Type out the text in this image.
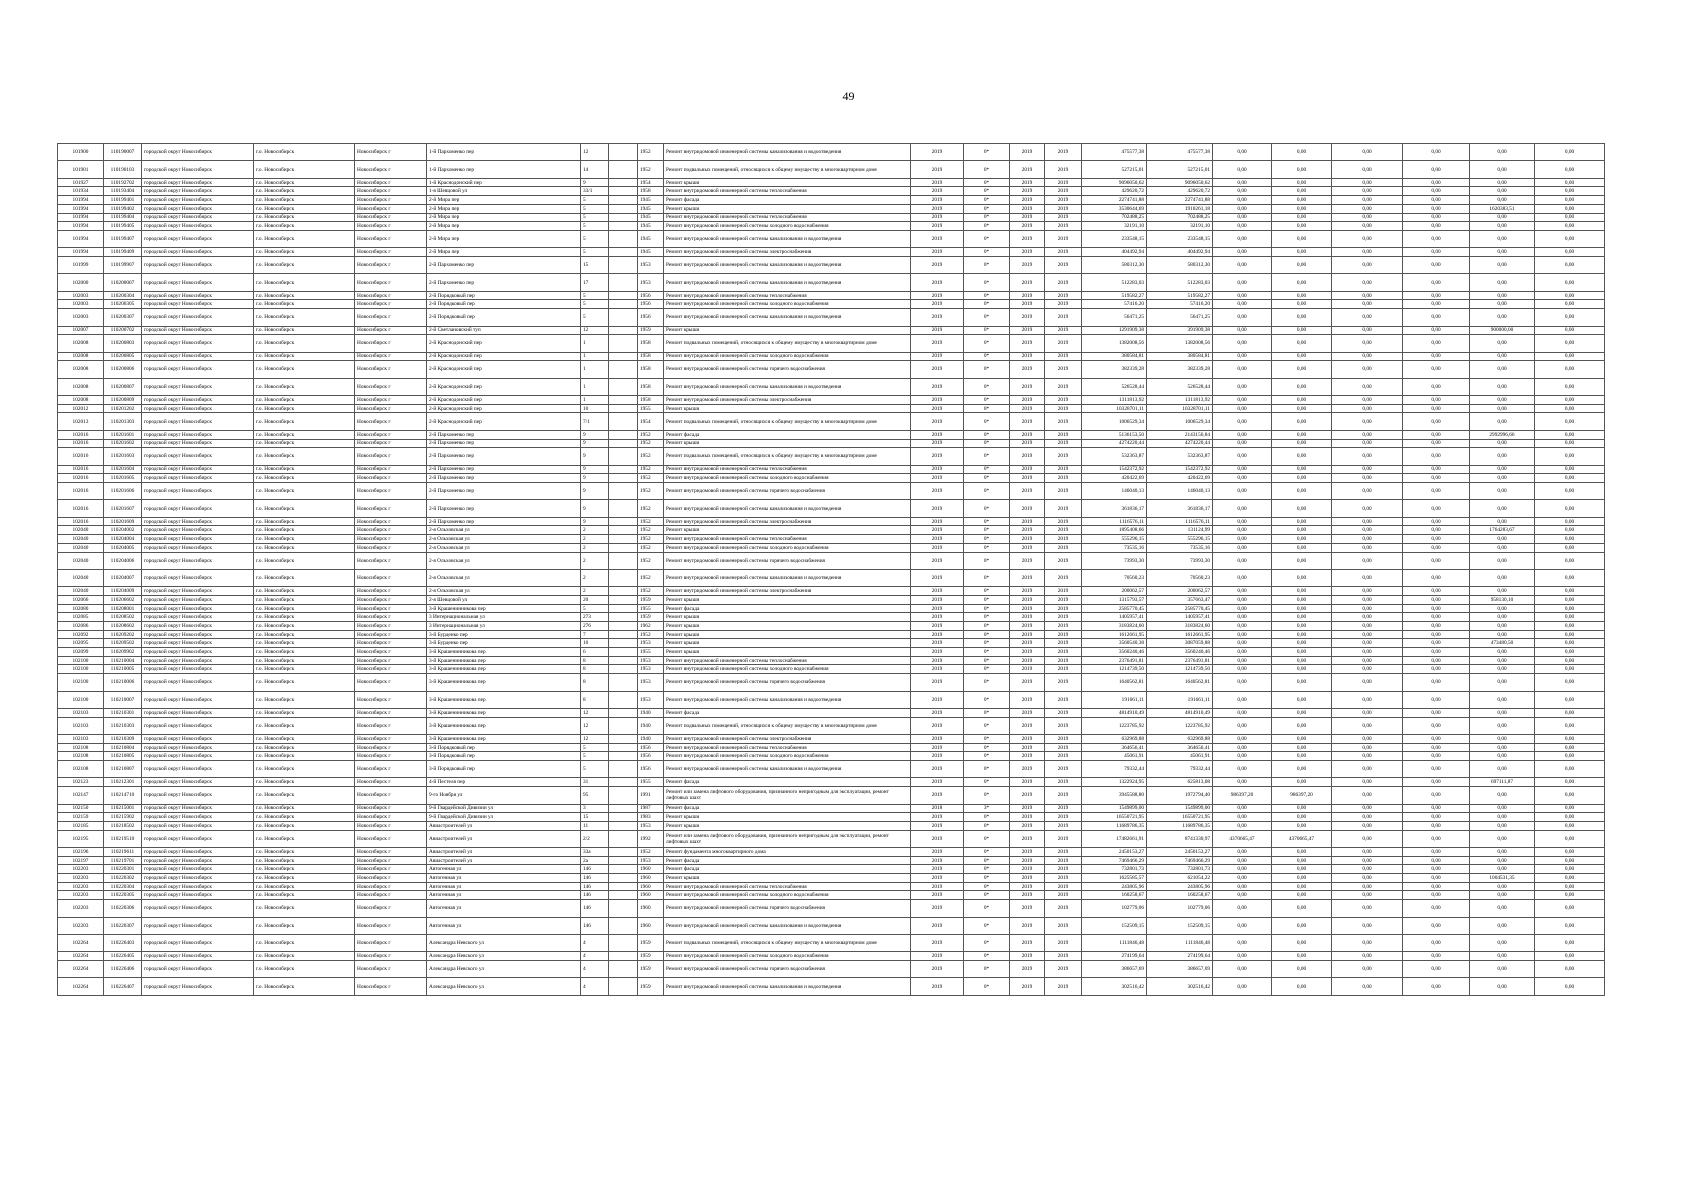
49
101900	110190007	городской округ Новосибирск	г.о. Новосибирск	Новосибирск г	1-й Пархоменко пер	12		1952	Ремонт внутридомовой инженерной системы канализования и водоотведения	2019	0*	2019	2019	475577,38	475577,38	0,00	0,00	0,00	0,00	0,00	0,00
101901	110190103	городской округ Новосибирск	г.о. Новосибирск	Новосибирск г	1-й Пархоменко пер	14		1952	Ремонт подвальных помещений, относящихся к общему имуществу в многоквартирном доме	2019	0*	2019	2019	527215,01	527215,01	0,00	0,00	0,00	0,00	0,00	0,00
101927	110192702	городской округ Новосибирск	г.о. Новосибирск	Новосибирск г	1-й Краснодонский пер	9		1954	Ремонт крыши	2019	0*	2019	2019	9096050,62	9096050,62	0,00	0,00	0,00	0,00	0,00	0,00
101934	110193404	городской округ Новосибирск	г.о. Новосибирск	Новосибирск г	1-я Шевцовой ул	33/1		1958	Ремонт внутридомовой инженерной системы теплоснабжения	2019	0*	2019	2019	429620,72	429620,72	0,00	0,00	0,00	0,00	0,00	0,00
101994	110199401	городской округ Новосибирск	г.о. Новосибирск	Новосибирск г	2-й Мира пер	5		1945	Ремонт фасада	2019	0*	2019	2019	2274741,88	2274741,88	0,00	0,00	0,00	0,00	0,00	0,00
101994	110199402	городской округ Новосибирск	г.о. Новосибирск	Новосибирск г	2-й Мира пер	5		1945	Ремонт крыши	2019	0*	2019	2019	3530644,69	1910261,18	0,00	0,00	0,00	0,00	1620383,51	0,00
101994	110199404	городской округ Новосибирск	г.о. Новосибирск	Новосибирск г	2-й Мира пер	5		1945	Ремонт внутридомовой инженерной системы теплоснабжения	2019	0*	2019	2019	702488,25	702488,25	0,00	0,00	0,00	0,00	0,00	0,00
101994	110199405	городской округ Новосибирск	г.о. Новосибирск	Новосибирск г	2-й Мира пер	5		1945	Ремонт внутридомовой инженерной системы холодного водоснабжения	2019	0*	2019	2019	32191,10	32191,10	0,00	0,00	0,00	0,00	0,00	0,00
101994	110199407	городской округ Новосибирск	г.о. Новосибирск	Новосибирск г	2-й Мира пер	5		1945	Ремонт внутридомовой инженерной системы канализования и водоотведения	2019	0*	2019	2019	233548,15	233548,15	0,00	0,00	0,00	0,00	0,00	0,00
101994	110199409	городской округ Новосибирск	г.о. Новосибирск	Новосибирск г	2-й Мира пер	5		1945	Ремонт внутридомовой инженерной системы электроснабжения	2019	0*	2019	2019	404492,94	404492,94	0,00	0,00	0,00	0,00	0,00	0,00
101999	110199907	городской округ Новосибирск	г.о. Новосибирск	Новосибирск г	2-й Пархоменко пер	15		1953	Ремонт внутридомовой инженерной системы канализования и водоотведения	2019	0*	2019	2019	580312,30	580312,30	0,00	0,00	0,00	0,00	0,00	0,00
102000	110200007	городской округ Новосибирск	г.о. Новосибирск	Новосибирск г	2-й Пархоменко пер	17		1953	Ремонт внутридомовой инженерной системы канализования и водоотведения	2019	0*	2019	2019	512283,03	512283,03	0,00	0,00	0,00	0,00	0,00	0,00
102003	110200304	городской округ Новосибирск	г.о. Новосибирск	Новосибирск г	2-й Порядковый пер	5		1956	Ремонт внутридомовой инженерной системы теплоснабжения	2019	0*	2019	2019	519582,27	519582,27	0,00	0,00	0,00	0,00	0,00	0,00
102003	110200305	городской округ Новосибирск	г.о. Новосибирск	Новосибирск г	2-й Порядковый пер	5		1956	Ремонт внутридомовой инженерной системы холодного водоснабжения	2019	0*	2019	2019	57416,20	57416,20	0,00	0,00	0,00	0,00	0,00	0,00
102003	110200307	городской округ Новосибирск	г.о. Новосибирск	Новосибирск г	2-й Порядковый пер	5		1956	Ремонт внутридомовой инженерной системы канализования и водоотведения	2019	0*	2019	2019	56471,25	56471,25	0,00	0,00	0,00	0,00	0,00	0,00
102007	110200702	городской округ Новосибирск	г.о. Новосибирск	Новосибирск г	2-й Светлановский туп	12		1959	Ремонт крыши	2019	0*	2019	2019	1291909,38	391909,38	0,00	0,00	0,00	0,00	900000,00	0,00
102008	110200803	городской округ Новосибирск	г.о. Новосибирск	Новосибирск г	2-й Краснодонский пер	1		1958	Ремонт подвальных помещений, относящихся к общему имуществу в многоквартирном доме	2019	0*	2019	2019	1382008,56	1382008,56	0,00	0,00	0,00	0,00	0,00	0,00
102008	110200805	городской округ Новосибирск	г.о. Новосибирск	Новосибирск г	2-й Краснодонский пер	1		1958	Ремонт внутридомовой инженерной системы холодного водоснабжения	2019	0*	2019	2019	380584,81	380584,81	0,00	0,00	0,00	0,00	0,00	0,00
102008	110200806	городской округ Новосибирск	г.о. Новосибирск	Новосибирск г	2-й Краснодонский пер	1		1958	Ремонт внутридомовой инженерной системы горячего водоснабжения	2019	0*	2019	2019	382339,28	382339,28	0,00	0,00	0,00	0,00	0,00	0,00
102008	110200807	городской округ Новосибирск	г.о. Новосибирск	Новосибирск г	2-й Краснодонский пер	1		1958	Ремонт внутридомовой инженерной системы канализования и водоотведения	2019	0*	2019	2019	526528,44	526528,44	0,00	0,00	0,00	0,00	0,00	0,00
102008	110200809	городской округ Новосибирск	г.о. Новосибирск	Новосибирск г	2-й Краснодонский пер	1		1958	Ремонт внутридомовой инженерной системы электроснабжения	2019	0*	2019	2019	1311813,92	1311813,92	0,00	0,00	0,00	0,00	0,00	0,00
102012	110201202	городской округ Новосибирск	г.о. Новосибирск	Новосибирск г	2-й Краснодонский пер	10		1955	Ремонт крыши	2019	0*	2019	2019	10328701,11	10328701,11	0,00	0,00	0,00	0,00	0,00	0,00
102013	110201303	городской округ Новосибирск	г.о. Новосибирск	Новосибирск г	2-й Краснодонский пер	7/1		1954	Ремонт подвальных помещений, относящихся к общему имуществу в многоквартирном доме	2019	0*	2019	2019	1006529,34	1006529,34	0,00	0,00	0,00	0,00	0,00	0,00
102016	110201601	городской округ Новосибирск	г.о. Новосибирск	Новосибирск г	2-й Пархоменко пер	9		1952	Ремонт фасада	2019	0*	2019	2019	5136153,50	2143156,84	0,00	0,00	0,00	0,00	2992996,66	0,00
102016	110201602	городской округ Новосибирск	г.о. Новосибирск	Новосибирск г	2-й Пархоменко пер	9		1952	Ремонт крыши	2019	0*	2019	2019	4274220,44	4274220,44	0,00	0,00	0,00	0,00	0,00	0,00
102016	110201603	городской округ Новосибирск	г.о. Новосибирск	Новосибирск г	2-й Пархоменко пер	9		1952	Ремонт подвальных помещений, относящихся к общему имуществу в многоквартирном доме	2019	0*	2019	2019	532363,87	532363,87	0,00	0,00	0,00	0,00	0,00	0,00
102016	110201604	городской округ Новосибирск	г.о. Новосибирск	Новосибирск г	2-й Пархоменко пер	9		1952	Ремонт внутридомовой инженерной системы теплоснабжения	2019	0*	2019	2019	1542372,92	1542372,92	0,00	0,00	0,00	0,00	0,00	0,00
102016	110201605	городской округ Новосибирск	г.о. Новосибирск	Новосибирск г	2-й Пархоменко пер	9		1952	Ремонт внутридомовой инженерной системы холодного водоснабжения	2019	0*	2019	2019	420422,69	420422,69	0,00	0,00	0,00	0,00	0,00	0,00
102016	110201606	городской округ Новосибирск	г.о. Новосибирск	Новосибирск г	2-й Пархоменко пер	9		1952	Ремонт внутридомовой инженерной системы горячего водоснабжения	2019	0*	2019	2019	146040,13	146040,13	0,00	0,00	0,00	0,00	0,00	0,00
102016	110201607	городской округ Новосибирск	г.о. Новосибирск	Новосибирск г	2-й Пархоменко пер	9		1952	Ремонт внутридомовой инженерной системы канализования и водоотведения	2019	0*	2019	2019	361836,17	361836,17	0,00	0,00	0,00	0,00	0,00	0,00
102016	110201609	городской округ Новосибирск	г.о. Новосибирск	Новосибирск г	2-й Пархоменко пер	9		1952	Ремонт внутридомовой инженерной системы электроснабжения	2019	0*	2019	2019	1116576,11	1116576,11	0,00	0,00	0,00	0,00	0,00	0,00
102040	110204002	городской округ Новосибирск	г.о. Новосибирск	Новосибирск г	2-я Ольховская ул	2		1952	Ремонт крыши	2019	0*	2019	2019	1895408,66	131124,99	0,00	0,00	0,00	0,00	1764283,67	0,00
102040	110204004	городской округ Новосибирск	г.о. Новосибирск	Новосибирск г	2-я Ольховская ул	2		1952	Ремонт внутридомовой инженерной системы теплоснабжения	2019	0*	2019	2019	555296,15	555296,15	0,00	0,00	0,00	0,00	0,00	0,00
102040	110204005	городской округ Новосибирск	г.о. Новосибирск	Новосибирск г	2-я Ольховская ул	2		1952	Ремонт внутридомовой инженерной системы холодного водоснабжения	2019	0*	2019	2019	73535,16	73535,16	0,00	0,00	0,00	0,00	0,00	0,00
102040	110204006	городской округ Новосибирск	г.о. Новосибирск	Новосибирск г	2-я Ольховская ул	2		1952	Ремонт внутридомовой инженерной системы горячего водоснабжения	2019	0*	2019	2019	73993,30	73993,30	0,00	0,00	0,00	0,00	0,00	0,00
102040	110204007	городской округ Новосибирск	г.о. Новосибирск	Новосибирск г	2-я Ольховская ул	2		1952	Ремонт внутридомовой инженерной системы канализования и водоотведения	2019	0*	2019	2019	70560,23	70560,23	0,00	0,00	0,00	0,00	0,00	0,00
102040	110204009	городской округ Новосибирск	г.о. Новосибирск	Новосибирск г	2-я Ольховская ул	2		1952	Ремонт внутридомовой инженерной системы электроснабжения	2019	0*	2019	2019	200062,57	200062,57	0,00	0,00	0,00	0,00	0,00	0,00
102066	110206602	городской округ Новосибирск	г.о. Новосибирск	Новосибирск г	2-я Шевцовой ул	20		1959	Ремонт крыши	2019	0*	2019	2019	1315793,57	357663,47	0,00	0,00	0,00	0,00	958130,10	0,00
102080	110208001	городской округ Новосибирск	г.о. Новосибирск	Новосибирск г	3-й Крашенинникова пер	5		1955	Ремонт фасада	2019	0*	2019	2019	2585770,45	2585770,45	0,00	0,00	0,00	0,00	0,00	0,00
102085	110208502	городской округ Новосибирск	г.о. Новосибирск	Новосибирск г	3 Интернациональная ул	273		1959	Ремонт крыши	2019	0*	2019	2019	1405957,41	1405957,41	0,00	0,00	0,00	0,00	0,00	0,00
102086	110208602	городской округ Новосибирск	г.о. Новосибирск	Новосибирск г	3 Интернациональная ул	276		1962	Ремонт крыши	2019	0*	2019	2019	3183824,60	3183824,60	0,00	0,00	0,00	0,00	0,00	0,00
102092	110209202	городской округ Новосибирск	г.о. Новосибирск	Новосибирск г	3-й Бурденко пер	7		1952	Ремонт крыши	2019	0*	2019	2019	1612661,95	1612661,95	0,00	0,00	0,00	0,00	0,00	0,00
102095	110209502	городской округ Новосибирск	г.о. Новосибирск	Новосибирск г	3-й Бурденко пер	10		1953	Ремонт крыши	2019	0*	2019	2019	3560540,38	3087059,88	0,00	0,00	0,00	0,00	473480,50	0,00
102099	110209902	городской округ Новосибирск	г.о. Новосибирск	Новосибирск г	3-й Крашенинникова пер	6		1955	Ремонт крыши	2019	0*	2019	2019	3560240,46	3560240,46	0,00	0,00	0,00	0,00	0,00	0,00
102100	110210004	городской округ Новосибирск	г.о. Новосибирск	Новосибирск г	3-й Крашенинникова пер	8		1953	Ремонт внутридомовой инженерной системы теплоснабжения	2019	0*	2019	2019	2376491,81	2376491,81	0,00	0,00	0,00	0,00	0,00	0,00
102100	110210005	городской округ Новосибирск	г.о. Новосибирск	Новосибирск г	3-й Крашенинникова пер	8		1953	Ремонт внутридомовой инженерной системы холодного водоснабжения	2019	0*	2019	2019	1214739,50	1214739,50	0,00	0,00	0,00	0,00	0,00	0,00
102100	110210006	городской округ Новосибирск	г.о. Новосибирск	Новосибирск г	3-й Крашенинникова пер	8		1953	Ремонт внутридомовой инженерной системы горячего водоснабжения	2019	0*	2019	2019	1640562,81	1640562,81	0,00	0,00	0,00	0,00	0,00	0,00
102100	110210007	городской округ Новосибирск	г.о. Новосибирск	Новосибирск г	3-й Крашенинникова пер	8		1953	Ремонт внутридомовой инженерной системы канализования и водоотведения	2019	0*	2019	2019	191661,11	191661,11	0,00	0,00	0,00	0,00	0,00	0,00
102103	110210301	городской округ Новосибирск	г.о. Новосибирск	Новосибирск г	3-й Крашенинникова пер	12		1940	Ремонт фасада	2019	0*	2019	2019	4814910,49	4814910,49	0,00	0,00	0,00	0,00	0,00	0,00
102103	110210303	городской округ Новосибирск	г.о. Новосибирск	Новосибирск г	3-й Крашенинникова пер	12		1940	Ремонт подвальных помещений, относящихся к общему имуществу в многоквартирном доме	2019	0*	2019	2019	1223785,92	1223785,92	0,00	0,00	0,00	0,00	0,00	0,00
102103	110210309	городской округ Новосибирск	г.о. Новосибирск	Новосибирск г	3-й Крашенинникова пер	12		1940	Ремонт внутридомовой инженерной системы электроснабжения	2019	0*	2019	2019	632969,88	632969,88	0,00	0,00	0,00	0,00	0,00	0,00
102108	110210804	городской округ Новосибирск	г.о. Новосибирск	Новосибирск г	3-й Порядковый пер	5		1956	Ремонт внутридомовой инженерной системы теплоснабжения	2019	0*	2019	2019	364656,41	364656,41	0,00	0,00	0,00	0,00	0,00	0,00
102108	110210805	городской округ Новосибирск	г.о. Новосибирск	Новосибирск г	3-й Порядковый пер	5		1956	Ремонт внутридомовой инженерной системы холодного водоснабжения	2019	0*	2019	2019	45061,91	45061,91	0,00	0,00	0,00	0,00	0,00	0,00
102108	110210807	городской округ Новосибирск	г.о. Новосибирск	Новосибирск г	3-й Порядковый пер	5		1956	Ремонт внутридомовой инженерной системы канализования и водоотведения	2019	0*	2019	2019	79332,44	79332,44	0,00	0,00	0,00	0,00	0,00	0,00
102123	110212301	городской округ Новосибирск	г.о. Новосибирск	Новосибирск г	4-й Пестеля пер	31		1955	Ремонт фасада	2019	0*	2019	2019	1322924,95	625813,08	0,00	0,00	0,00	0,00	697111,87	0,00
102147	110214710	городской округ Новосибирск	г.о. Новосибирск	Новосибирск г	9-го Ноября ул	95		1991	Ремонт или замена лифтового оборудования, признанного непригодным для эксплуатации, ремонт лифтовых шахт	2019	0*	2019	2019	3945588,80	1972794,40	986397,20	986397,20	0,00	0,00	0,00	0,00
102150	110215001	городской округ Новосибирск	г.о. Новосибирск	Новосибирск г	9-й Гвардейской Дивизии ул	3		1987	Ремонт фасада	2018	3*	2019	2019	1549899,00	1549899,00	0,00	0,00	0,00	0,00	0,00	0,00
102159	110215902	городской округ Новосибирск	г.о. Новосибирск	Новосибирск г	9-й Гвардейской Дивизии ул	15		1983	Ремонт крыши	2019	0*	2019	2019	16550721,95	16550721,95	0,00	0,00	0,00	0,00	0,00	0,00
102185	110218502	городской округ Новосибирск	г.о. Новосибирск	Новосибирск г	Авиастроителей ул	11		1953	Ремонт крыши	2019	0*	2019	2019	11689786,35	11689786,35	0,00	0,00	0,00	0,00	0,00	0,00
102195	110219510	городской округ Новосибирск	г.о. Новосибирск	Новосибирск г	Авиастроителей ул	2/2		1992	Ремонт или замена лифтового оборудования, признанного непригодным для эксплуатации, ремонт лифтовых шахт	2019	0*	2019	2019	17482661,91	8741330,97	4370665,47	4370665,47	0,00	0,00	0,00	0,00
102196	110219611	городской округ Новосибирск	г.о. Новосибирск	Новосибирск г	Авиастроителей ул	33а		1952	Ремонт фундамента многоквартирного дома	2019	0*	2019	2019	2450153,27	2450153,27	0,00	0,00	0,00	0,00	0,00	0,00
102197	110219701	городской округ Новосибирск	г.о. Новосибирск	Новосибирск г	Авиастроителей ул	2а		1953	Ремонт фасада	2019	0*	2019	2019	7469466,29	7469466,29	0,00	0,00	0,00	0,00	0,00	0,00
102203	110220301	городской округ Новосибирск	г.о. Новосибирск	Новосибирск г	Автогенная ул	146		1960	Ремонт фасада	2019	0*	2019	2019	732801,73	732801,73	0,00	0,00	0,00	0,00	0,00	0,00
102203	110220302	городской округ Новосибирск	г.о. Новосибирск	Новосибирск г	Автогенная ул	146		1960	Ремонт крыши	2019	0*	2019	2019	1625585,57	621054,22	0,00	0,00	0,00	0,00	1004531,35	0,00
102203	110220304	городской округ Новосибирск	г.о. Новосибирск	Новосибирск г	Автогенная ул	146		1960	Ремонт внутридомовой инженерной системы теплоснабжения	2019	0*	2019	2019	243805,96	243805,96	0,00	0,00	0,00	0,00	0,00	0,00
102203	110220305	городской округ Новосибирск	г.о. Новосибирск	Новосибирск г	Автогенная ул	146		1960	Ремонт внутридомовой инженерной системы холодного водоснабжения	2019	0*	2019	2019	160258,67	160258,67	0,00	0,00	0,00	0,00	0,00	0,00
102203	110220306	городской округ Новосибирск	г.о. Новосибирск	Новосибирск г	Автогенная ул	146		1960	Ремонт внутридомовой инженерной системы горячего водоснабжения	2019	0*	2019	2019	102779,06	102779,06	0,00	0,00	0,00	0,00	0,00	0,00
102203	110220307	городской округ Новосибирск	г.о. Новосибирск	Новосибирск г	Автогенная ул	146		1960	Ремонт внутридомовой инженерной системы канализования и водоотведения	2019	0*	2019	2019	152509,15	152509,15	0,00	0,00	0,00	0,00	0,00	0,00
102264	110226403	городской округ Новосибирск	г.о. Новосибирск	Новосибирск г	Александра Невского ул	4		1959	Ремонт подвальных помещений, относящихся к общему имуществу в многоквартирном доме	2019	0*	2019	2019	1111846,48	1111846,48	0,00	0,00	0,00	0,00	0,00	0,00
102264	110226405	городской округ Новосибирск	г.о. Новосибирск	Новосибирск г	Александра Невского ул	4		1959	Ремонт внутридомовой инженерной системы холодного водоснабжения	2019	0*	2019	2019	274199,64	274199,64	0,00	0,00	0,00	0,00	0,00	0,00
102264	110226406	городской округ Новосибирск	г.о. Новосибирск	Новосибирск г	Александра Невского ул	4		1959	Ремонт внутридомовой инженерной системы горячего водоснабжения	2019	0*	2019	2019	386657,69	386657,69	0,00	0,00	0,00	0,00	0,00	0,00
102264	110226407	городской округ Новосибирск	г.о. Новосибирск	Новосибирск г	Александра Невского ул	4		1959	Ремонт внутридомовой инженерной системы канализования и водоотведения	2019	0*	2019	2019	302516,42	302516,42	0,00	0,00	0,00	0,00	0,00	0,00
